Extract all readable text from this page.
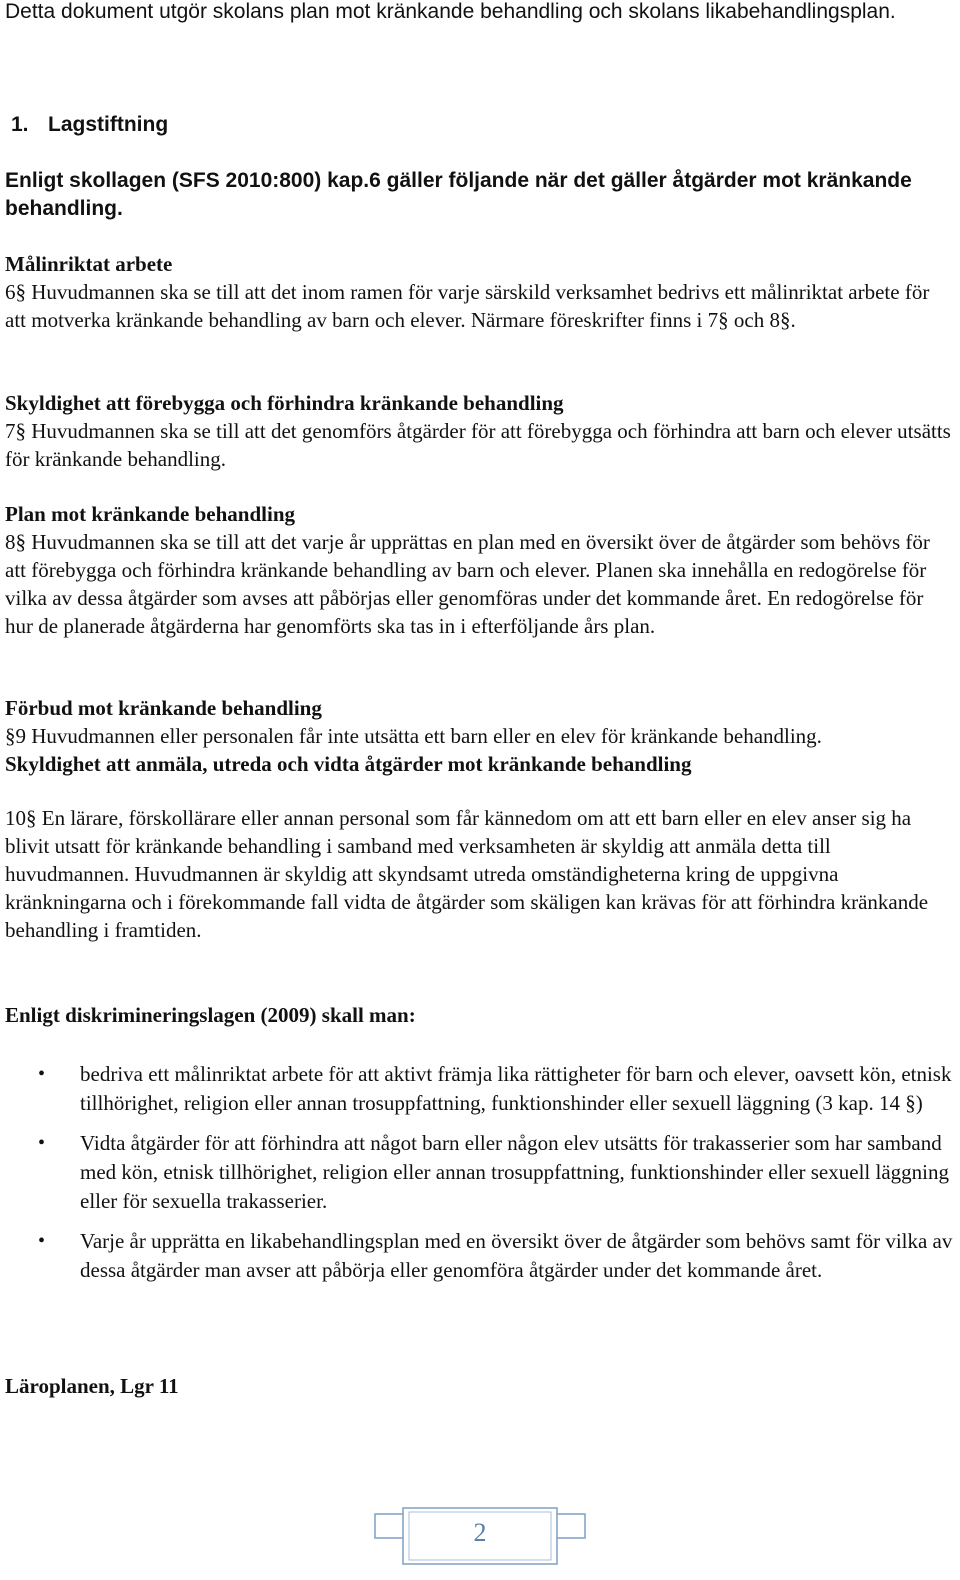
Detta dokument utgör skolans plan mot kränkande behandling och skolans likabehandlingsplan.

1. Lagstiftning

Enligt skollagen (SFS 2010:800) kap.6 gäller följande när det gäller åtgärder mot kränkande behandling.

Målinriktat arbete

6§ Huvudmannen ska se till att det inom ramen för varje särskild verksamhet bedrivs ett målinriktat arbete för att motverka kränkande behandling av barn och elever. Närmare föreskrifter finns i 7§ och 8§.

Skyldighet att förebygga och förhindra kränkande behandling

7§ Huvudmannen ska se till att det genomförs åtgärder för att förebygga och förhindra att barn och elever utsätts för kränkande behandling.

Plan mot kränkande behandling

8§ Huvudmannen ska se till att det varje år upprättas en plan med en översikt över de åtgärder som behövs för att förebygga och förhindra kränkande behandling av barn och elever. Planen ska innehålla en redogörelse för vilka av dessa åtgärder som avses att påbörjas eller genomföras under det kommande året. En redogörelse för hur de planerade åtgärderna har genomförts ska tas in i efterföljande års plan.

Förbud mot kränkande behandling

§9 Huvudmannen eller personalen får inte utsätta ett barn eller en elev för kränkande behandling.

Skyldighet att anmäla, utreda och vidta åtgärder mot kränkande behandling

10§ En lärare, förskollärare eller annan personal som får kännedom om att ett barn eller en elev anser sig ha blivit utsatt för kränkande behandling i samband med verksamheten är skyldig att anmäla detta till huvudmannen. Huvudmannen är skyldig att skyndsamt utreda omständigheterna kring de uppgivna kränkningarna och i förekommande fall vidta de åtgärder som skäligen kan krävas för att förhindra kränkande behandling i framtiden.

Enligt diskrimineringslagen (2009) skall man:

• bedriva ett målinriktat arbete för att aktivt främja lika rättigheter för barn och elever, oavsett kön, etnisk tillhörighet, religion eller annan trosuppfattning, funktionshinder eller sexuell läggning (3 kap. 14 §)
• Vidta åtgärder för att förhindra att något barn eller någon elev utsätts för trakasserier som har samband med kön, etnisk tillhörighet, religion eller annan trosuppfattning, funktionshinder eller sexuell läggning eller för sexuella trakasserier.
• Varje år upprätta en likabehandlingsplan med en översikt över de åtgärder som behövs samt för vilka av dessa åtgärder man avser att påbörja eller genomföra åtgärder under det kommande året.

Läroplanen, Lgr 11

2
